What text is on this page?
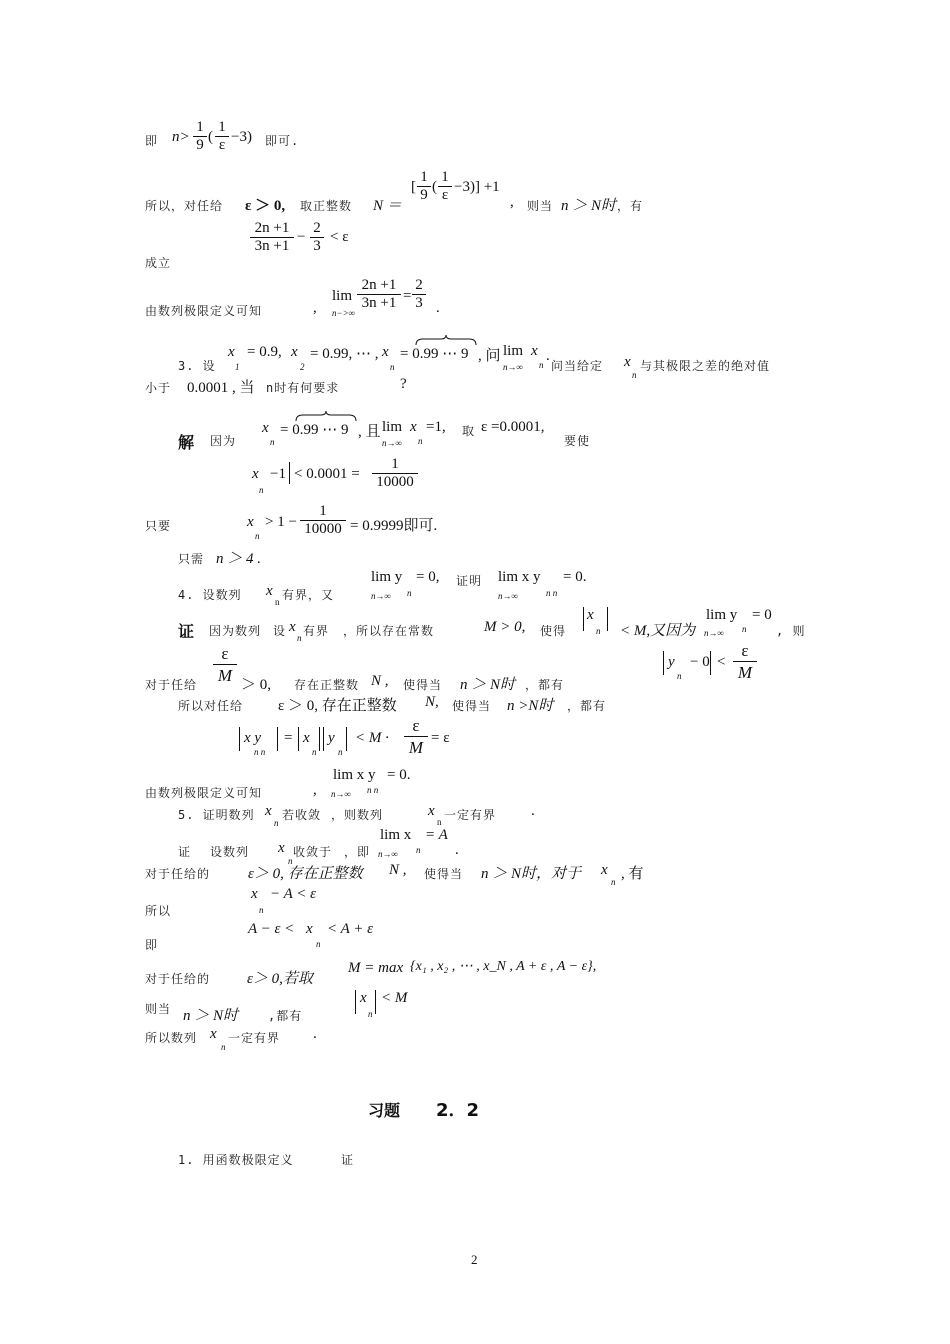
即 $n> \frac{1}{9}$ ( $\frac{1}{\varepsilon} -3$) 即可.
所以，对任给 ε ＞ 0, 取正整数 N ＝
[ $\frac{1}{9}$ ( $\frac{1}{\varepsilon} -3)] +1$
, 则当 n ＞ N时 ，有
$\frac{2n +1}{3n +1} - \frac{2}{3} < \varepsilon$
成立
由数列极限定义可知	,
lim
n−>∞
$\frac{2n +1}{3n +1} = \frac{2}{3}$ .
3. 设
x
1
= 0.9, x
2
= 0.99, ⋯ , x
n
= 0.99 ⋯ 9 , 问 lim
n→∞
x
n
.
问当给定 x
n
与其极限之差的绝对值
小于 0.0001 , 当 n时有何要求	?
解 因为
x
n
= 0.99 ⋯ 9 , 且 lim
n→∞
x
n
=1, 取 ε =0.0001,
要使
x
n
$-1 < 0.0001 = \frac{1}{10000}$
只要	x
n
> $1 - \frac{1}{10000} = 0.9999$即可.
只需 n ＞ 4 .
4. 设数列 x
n 有界，又
lim y
n→∞ n
= 0, 证明 lim x y
n→∞	n n
= 0.
证 因为数列 设 x
n 有界 ，所以存在常数	M > 0, 使得
x
n < M,又因为
lim y
n→∞ n
= 0
, 则
对于任给 $\frac{\varepsilon}{M} > 0$, 存在正整数 N , 使得当 n ＞ N时 ，都有
y
n
− $0 < \frac{\varepsilon}{M}$
所以对任给 ε ＞ 0, 存在正整数 N, 使得当 n >N时 ，都有
x y
n n
= x
n
y
n
< $M \cdot \frac{\varepsilon}{M} = \varepsilon$
由数列极限定义可知	,
lim x y
n→∞ n n
= 0.
5. 证明数列 x
n
若收敛 ，则数列	x
n 一定有界 .
证 设数列 x
n
收敛于 ，即
lim x
n→∞ n
= A
.
对于任给的	ε＞ 0, 存在正整数 N , 使得当 n ＞ N时，对于 x
n , 有
所以
x
n
− A < ε
即
A − ε < x
n
< A + ε
对于任给的 ε＞ 0,若取
M = max {x₁ , x₂ , ⋯ , x_N , A + ε , A − ε},
则当 n ＞ N时 ,都有
x
n
< M
所以数列 x
n
一定有界 .
习题 2．2
1. 用函数极限定义	证
2
